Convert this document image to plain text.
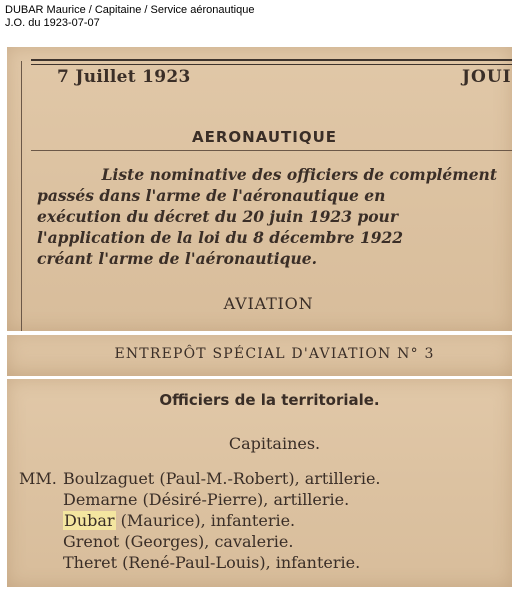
DUBAR Maurice / Capitaine / Service aéronautique
J.O. du 1923-07-07
7 Juillet 1923	JOUI
AERONAUTIQUE
Liste nominative des officiers de complément
passés dans l'arme de l'aéronautique en
exécution du décret du 20 juin 1923 pour
l'application de la loi du 8 décembre 1922
créant l'arme de l'aéronautique.
AVIATION
ENTREPÔT SPÉCIAL D'AVIATION N° 3
Officiers de la territoriale.
Capitaines.
MM. Boulzaguet (Paul-M.-Robert), artillerie.
Demarne (Désiré-Pierre), artillerie.
Dubar (Maurice), infanterie.
Grenot (Georges), cavalerie.
Theret (René-Paul-Louis), infanterie.
